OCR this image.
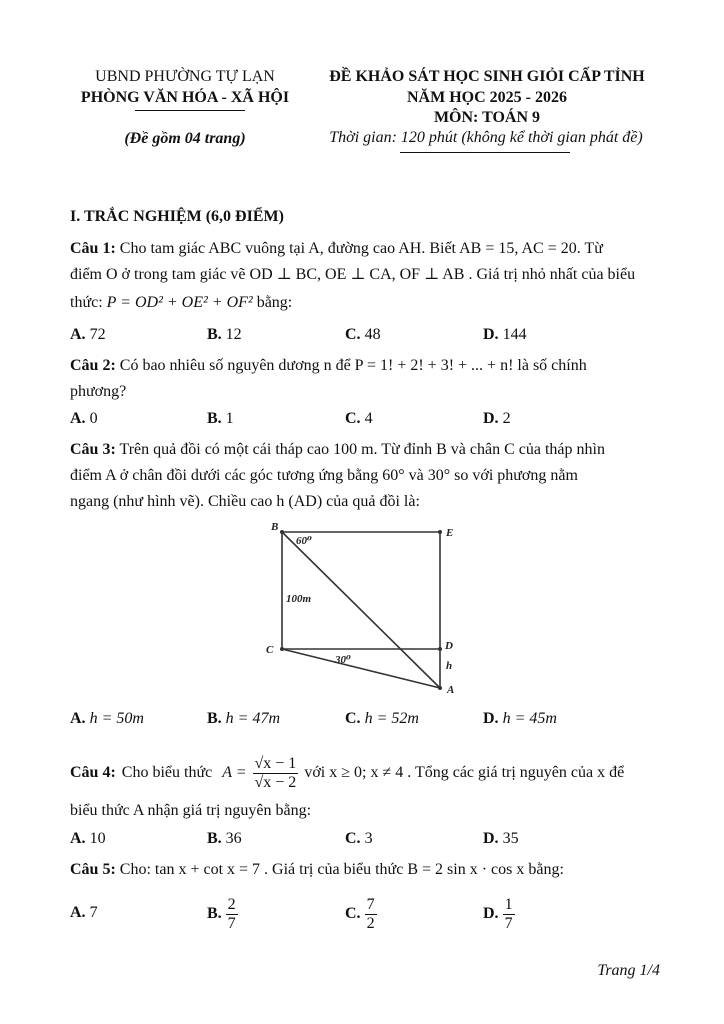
UBND PHƯỜNG TỰ LẠN
PHÒNG VĂN HÓA - XÃ HỘI
(Đề gồm 04 trang)
ĐỀ KHẢO SÁT HỌC SINH GIỎI CẤP TỈNH
NĂM HỌC 2025 - 2026
MÔN: TOÁN 9
Thời gian: 120 phút (không kể thời gian phát đề)
I. TRẮC NGHIỆM (6,0 ĐIỂM)
Câu 1: Cho tam giác ABC vuông tại A, đường cao AH. Biết AB = 15, AC = 20. Từ
điểm O ở trong tam giác vẽ OD ⊥ BC, OE ⊥ CA, OF ⊥ AB . Giá trị nhỏ nhất của biểu
thức: P = OD² + OE² + OF² bằng:
A. 72	B. 12	C. 48	D. 144
Câu 2: Có bao nhiêu số nguyên dương n để P = 1! + 2! + 3! + ... + n! là số chính
phương?
A. 0	B. 1	C. 4	D. 2
Câu 3: Trên quả đồi có một cái tháp cao 100 m. Từ đỉnh B và chân C của tháp nhìn
điểm A ở chân đồi dưới các góc tương ứng bằng 60° và 30° so với phương nằm
ngang (như hình vẽ). Chiều cao h (AD) của quả đồi là:
B	E
C	D
A
h
100m
60⁰
30⁰
A. h = 50m	B. h = 47m	C. h = 52m	D. h = 45m
Câu 4: Cho biểu thức $A = \frac{√x - 1}{√x - 2}$ với x ≥ 0; x ≠ 4 . Tổng các giá trị nguyên của x để
biểu thức A nhận giá trị nguyên bằng:
A. 10	B. 36	C. 3	D. 35
Câu 5: Cho: tan x + cot x = 7 . Giá trị của biểu thức B = 2 sin x · cos x bằng:
A. 7	B. $\frac{2}{7}$	C. $\frac{7}{2}$	D. $\frac{1}{7}$
Trang 1/4
